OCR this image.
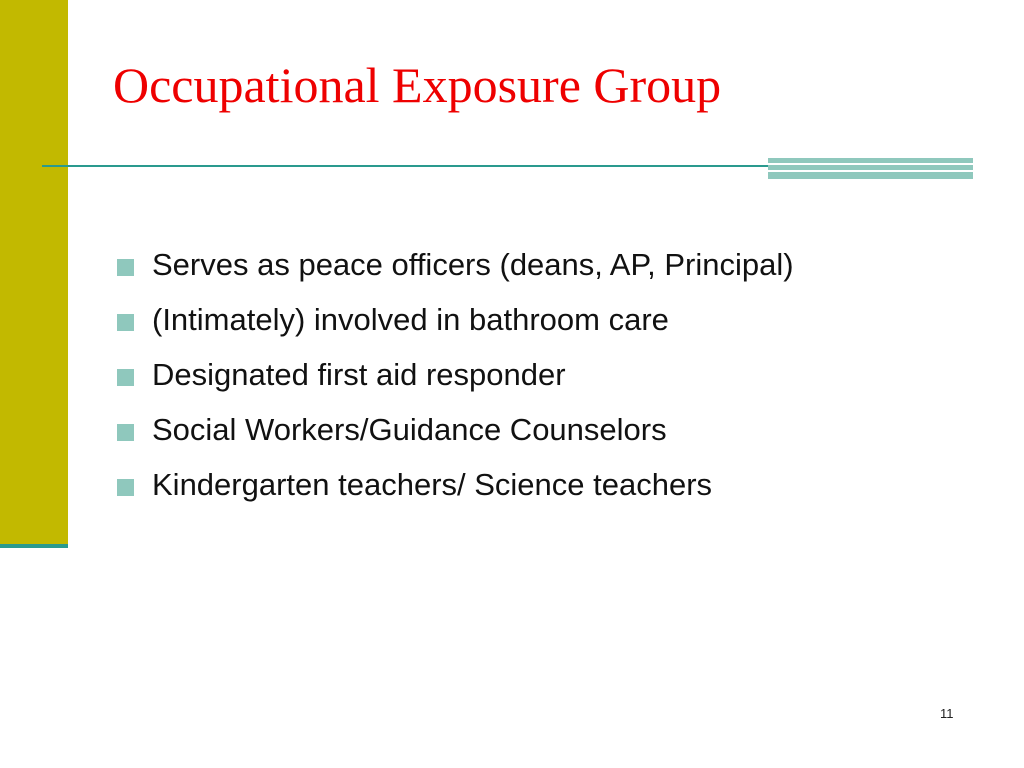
Occupational Exposure Group
Serves as peace officers (deans, AP, Principal)
(Intimately) involved in bathroom care
Designated first aid responder
Social Workers/Guidance Counselors
Kindergarten teachers/ Science teachers
11
